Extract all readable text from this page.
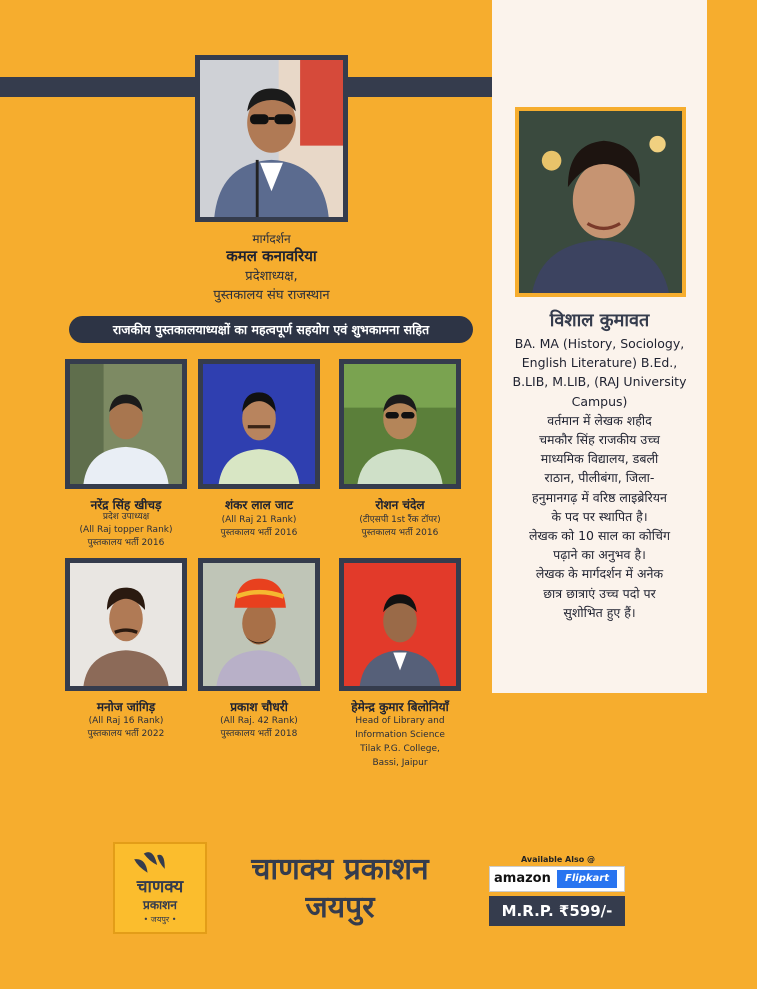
मार्गदर्शन

कमल कनावरिया

प्रदेशाध्यक्ष,

पुस्तकालय संघ राजस्थान

राजकीय पुस्तकालयाध्यक्षों का महत्वपूर्ण सहयोग एवं शुभकामना सहित

नरेंद्र सिंह खीचड़

प्रदेश उपाध्यक्ष

(All Raj topper Rank)

पुस्तकालय भर्ती 2016

शंकर लाल जाट

(All Raj 21 Rank)

पुस्तकालय भर्ती 2016

रोशन चंदेल

(टीएसपी 1st रैंक टॉपर)

पुस्तकालय भर्ती 2016

मनोज जांगिड़

(All Raj 16 Rank)

पुस्तकालय भर्ती 2022

प्रकाश चौधरी

(All Raj. 42 Rank)

पुस्तकालय भर्ती 2018

हेमेन्द्र कुमार बिलोनियाँ

Head of Library and

Information Science

Tilak P.G. College,

Bassi, Jaipur

विशाल कुमावत

BA. MA (History, Sociology,
English Literature) B.Ed.,
B.LIB, M.LIB, (RAJ University
Campus)
वर्तमान में लेखक शहीद
चमकौर सिंह राजकीय उच्च
माध्यमिक विद्यालय, डबली
राठान, पीलीबंगा, जिला-
हनुमानगढ़ में वरिष्ठ लाइब्रेरियन
के पद पर स्थापित है।
लेखक को 10 साल का कोचिंग
पढ़ाने का अनुभव है।
लेखक के मार्गदर्शन में अनेक
छात्र छात्राएं उच्च पदो पर
सुशोभित हुए हैं।
चाणक्य
प्रकाशन
• जयपुर •
चाणक्य प्रकाशन
जयपुर
Available Also @
amazon	Flipkart
M.R.P. ₹599/-
